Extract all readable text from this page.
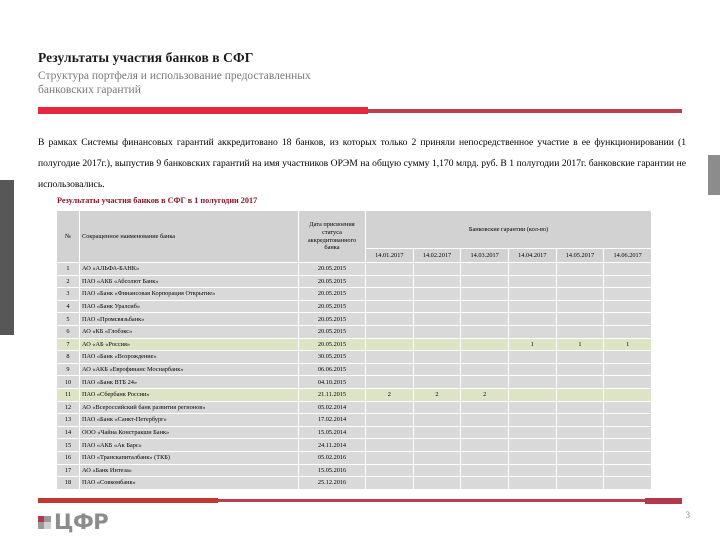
Результаты участия банков в СФГ
Структура портфеля и использование предоставленных банковских гарантий

В рамках Системы финансовых гарантий аккредитовано 18 банков, из которых только 2 приняли непосредственное участие в ее функционировании (1 полугодие 2017г.), выпустив 9 банковских гарантий на имя участников ОРЭМ на общую сумму 1,170 млрд. руб. В 1 полугодии 2017г. банковские гарантии не использовались.

Результаты участия банков в СФГ в 1 полугодии 2017
№	Сокращенное наименование банка	Дата присвоения статуса аккредитованного банка	Банковские гарантии (кол-во)					
			14.01.2017	14.02.2017	14.03.2017	14.04.2017	14.05.2017	14.06.2017
1	АО «АЛЬФА-БАНК»	20.05.2015						
2	ПАО «АКБ «Абсолют Банк»	20.05.2015						
3	ПАО «Банк «Финансовая Корпорация Открытие»	20.05.2015						
4	ПАО «Банк Уралсиб»	20.05.2015						
5	ПАО «Промсвязьбанк»	20.05.2015						
6	АО «КБ «Глобэкс»	20.05.2015						
7	АО «АБ «Россия»	20.05.2015				1	1	1
8	ПАО «Банк «Возрождение»	30.05.2015						
9	АО «АКБ «Еврофинанс Моснарбанк»	06.06.2015						
10	ПАО «Банк ВТБ 24»	04.10.2015						
11	ПАО «Сбербанк России»	21.11.2015	2	2	2			
12	АО «Всероссийский банк развития регионов»	05.02.2014						
13	ПАО «Банк «Санкт-Петербург»	17.02.2014						
14	ООО «Чайна Констракшн Банк»	15.05.2014						
15	ПАО «АКБ «Ак Барс»	24.11.2014						
16	ПАО «Транскапиталбанк» (ТКБ)	05.02.2016						
17	АО «Банк Интеза»	15.05.2016						
18	ПАО «Совкомбанк»	25.12.2016						
ЦФР	3
